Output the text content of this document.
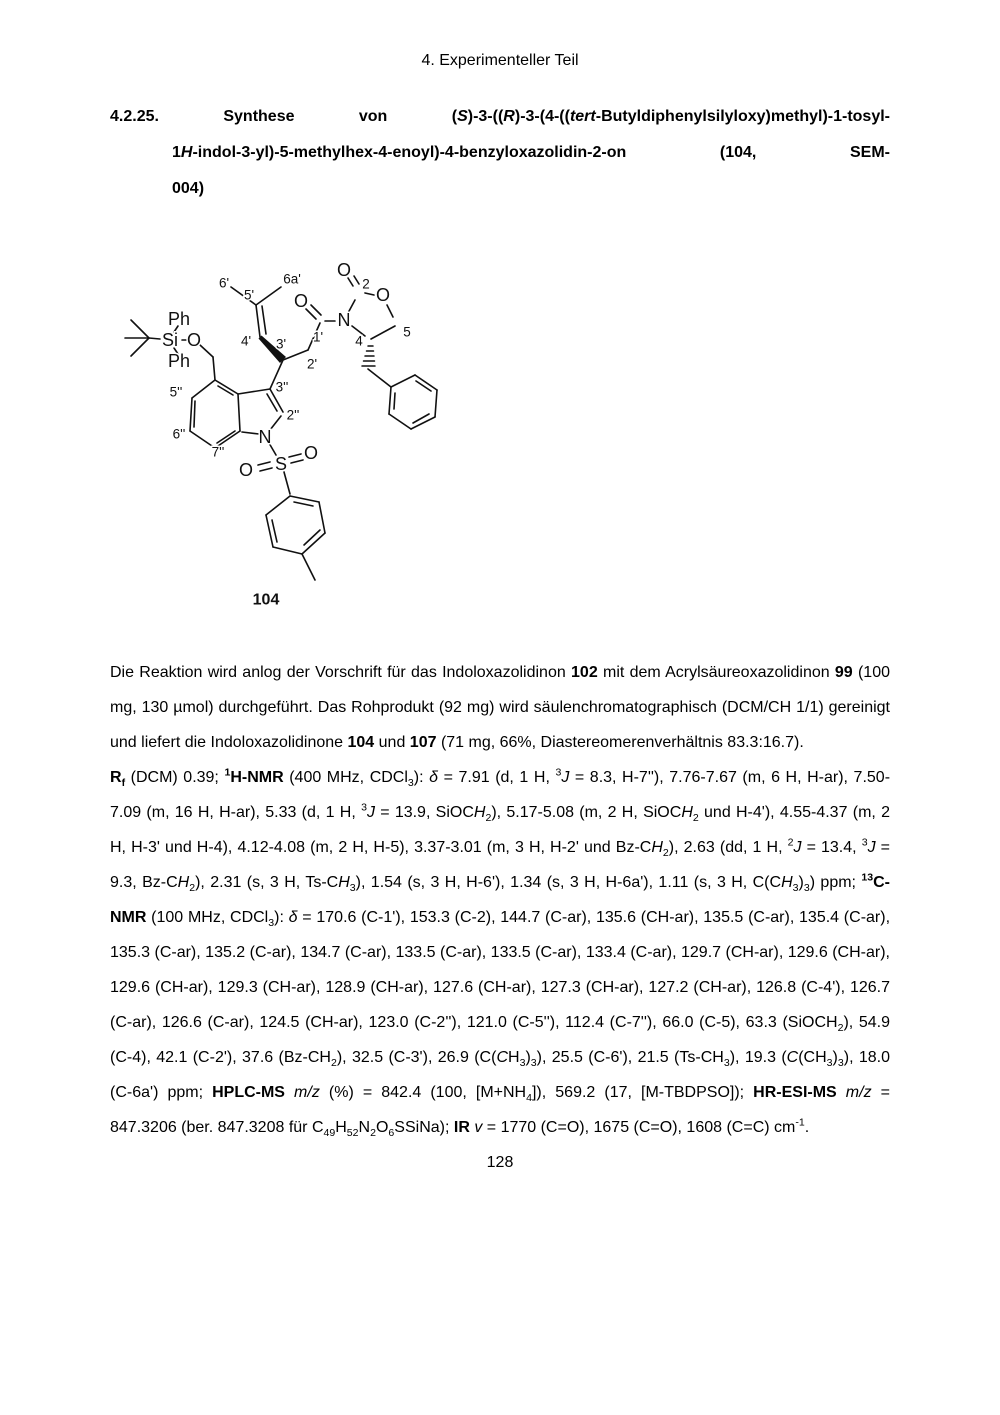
4. Experimenteller Teil

4.2.25.	Synthese von (S)-3-((R)-3-(4-((tert-Butyldiphenylsilyloxy)methyl)-1-tosyl-
1H-indol-3-yl)-5-methylhex-4-enoyl)-4-benzyloxazolidin-2-on (104, SEM-
004)

Ph
Si O
Ph
O
O
O
N
N
S
O
O
6'
5'
6a'
4' 3'
2'
1'
2
4
5
5''
6''
7''
3''
2''
104

Die Reaktion wird anlog der Vorschrift für das Indoloxazolidinon 102 mit dem Acrylsäureoxazolidinon 99 (100 mg, 130 µmol) durchgeführt. Das Rohprodukt (92 mg) wird säulenchromatographisch (DCM/CH 1/1) gereinigt und liefert die Indoloxazolidinone 104 und 107 (71 mg, 66%, Diastereomerenverhältnis 83.3:16.7).

$R_f$ (DCM) 0.39; $^1$H-NMR (400 MHz, CDCl$_3$): δ = 7.91 (d, 1 H, $^3$J = 8.3, H-7''), 7.76-7.67 (m, 6 H, H-ar), 7.50-7.09 (m, 16 H, H-ar), 5.33 (d, 1 H, $^3$J = 13.9, SiOCH$_2$), 5.17-5.08 (m, 2 H, SiOCH$_2$ und H-4'), 4.55-4.37 (m, 2 H, H-3' und H-4), 4.12-4.08 (m, 2 H, H-5), 3.37-3.01 (m, 3 H, H-2' und $Bz-CH_2$), 2.63 (dd, 1 H, $^2$J = 13.4, $^3$J = 9.3, $Bz-CH_2$), 2.31 (s, 3 H, $Ts-CH_3$), 1.54 (s, 3 H, H-6'), 1.34 (s, 3 H, H-6a'), 1.11 (s, 3 H, $C(CH_3)_3$) ppm; $^{13}$C-NMR (100 MHz, CDCl$_3$): δ = 170.6 (C-1'), 153.3 (C-2), 144.7 (C-ar), 135.6 (CH-ar), 135.5 (C-ar), 135.4 (C-ar), 135.3 (C-ar), 135.2 (C-ar), 134.7 (C-ar), 133.5 (C-ar), 133.5 (C-ar), 133.4 (C-ar), 129.7 (CH-ar), 129.6 (CH-ar), 129.6 (CH-ar), 129.3 (CH-ar), 128.9 (CH-ar), 127.6 (CH-ar), 127.3 (CH-ar), 127.2 (CH-ar), 126.8 (C-4'), 126.7 (C-ar), 126.6 (C-ar), 124.5 (CH-ar), 123.0 (C-2''), 121.0 (C-5''), 112.4 (C-7''), 66.0 (C-5), 63.3 (SiOCH$_2$), 54.9 (C-4), 42.1 (C-2'), 37.6 $(Bz-CH_2)$, 32.5 (C-3'), 26.9 $(C(CH_3)_3)$, 25.5 (C-6'), 21.5 $(Ts-CH_3)$, 19.3 $(C(CH_3)_3)$, 18.0 (C-6a') ppm; HPLC-MS m/z (%) = 842.4 (100, $[M+NH_4]$), 569.2 (17, [M-TBDPSO]); HR-ESI-MS m/z = 847.3206 (ber. 847.3208 für $C_{49}H_{52}N_2O_6SSiNa$); IR v = 1770 (C=O), 1675 (C=O), 1608 (C=C) $cm^{-1}$.

128
